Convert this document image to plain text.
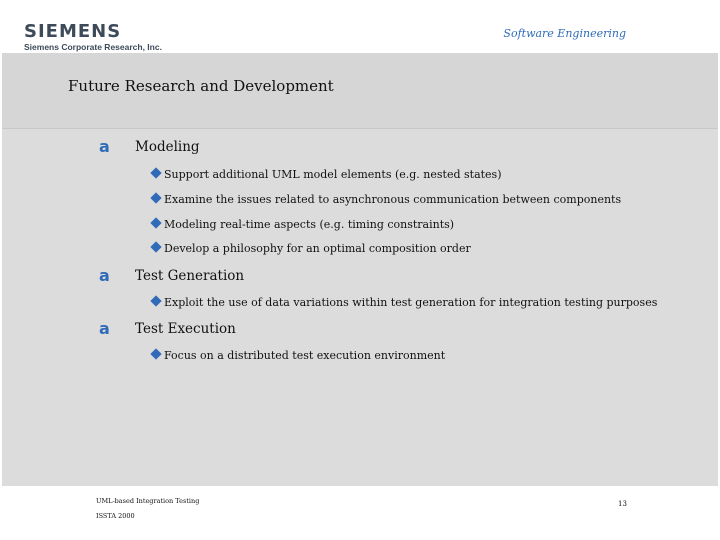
SIEMENS
Siemens Corporate Research, Inc.
Software Engineering
Future Research and Development
a Modeling
Support additional UML model elements (e.g. nested states)
Examine the issues related to asynchronous communication between components
Modeling real-time aspects (e.g. timing constraints)
Develop a philosophy for an optimal composition order
a Test Generation
Exploit the use of data variations within test generation for integration testing purposes
a Test Execution
Focus on a distributed test execution environment
UML-based Integration Testing
ISSTA 2000
13
